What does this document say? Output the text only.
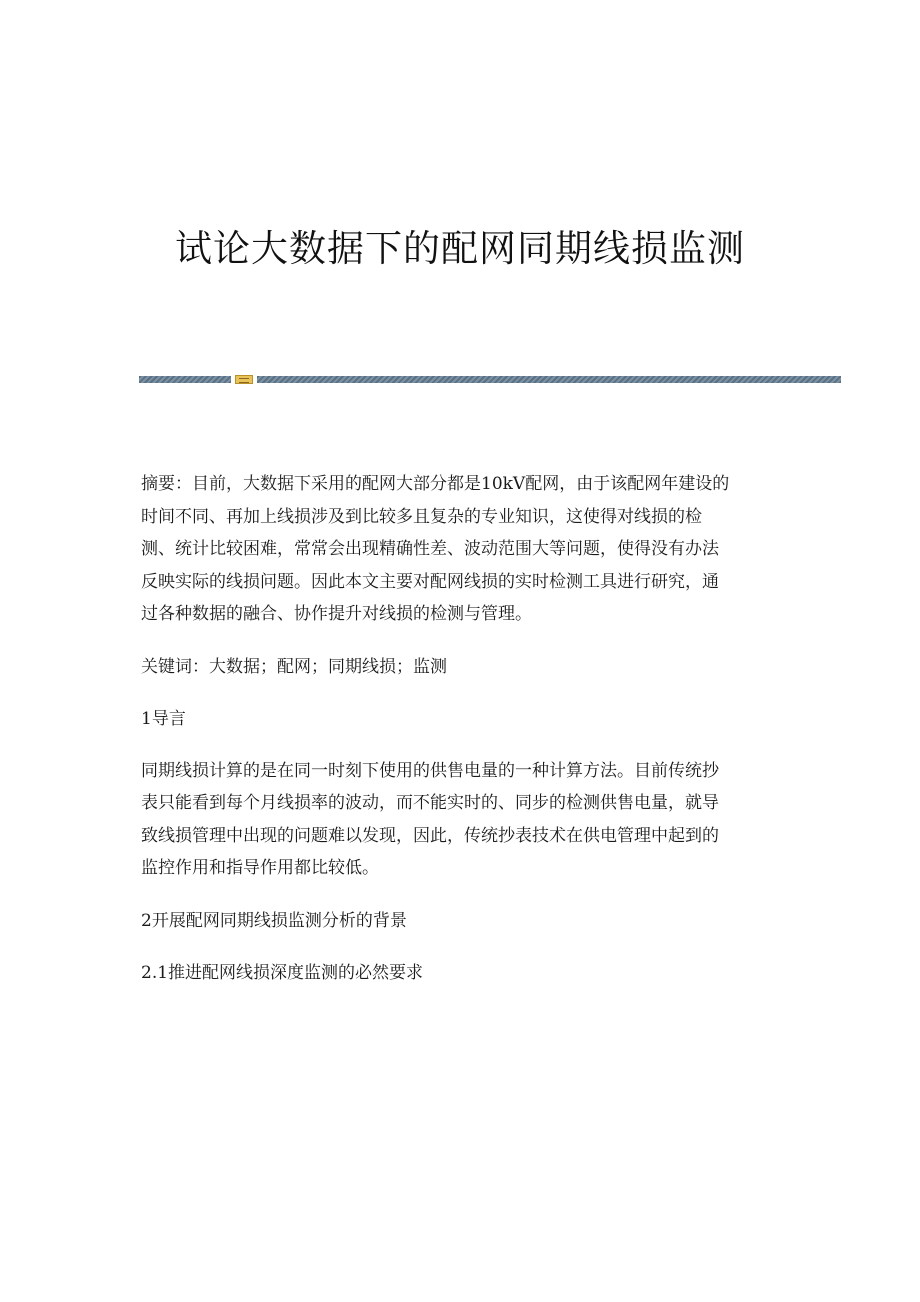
试论大数据下的配网同期线损监测

摘要：目前，大数据下采用的配网大部分都是10kV配网，由于该配网年建设的
时间不同、再加上线损涉及到比较多且复杂的专业知识，这使得对线损的检
测、统计比较困难，常常会出现精确性差、波动范围大等问题，使得没有办法
反映实际的线损问题。因此本文主要对配网线损的实时检测工具进行研究，通
过各种数据的融合、协作提升对线损的检测与管理。

关键词：大数据；配网；同期线损；监测

1导言

同期线损计算的是在同一时刻下使用的供售电量的一种计算方法。目前传统抄
表只能看到每个月线损率的波动，而不能实时的、同步的检测供售电量，就导
致线损管理中出现的问题难以发现，因此，传统抄表技术在供电管理中起到的
监控作用和指导作用都比较低。

2开展配网同期线损监测分析的背景

2.1推进配网线损深度监测的必然要求
